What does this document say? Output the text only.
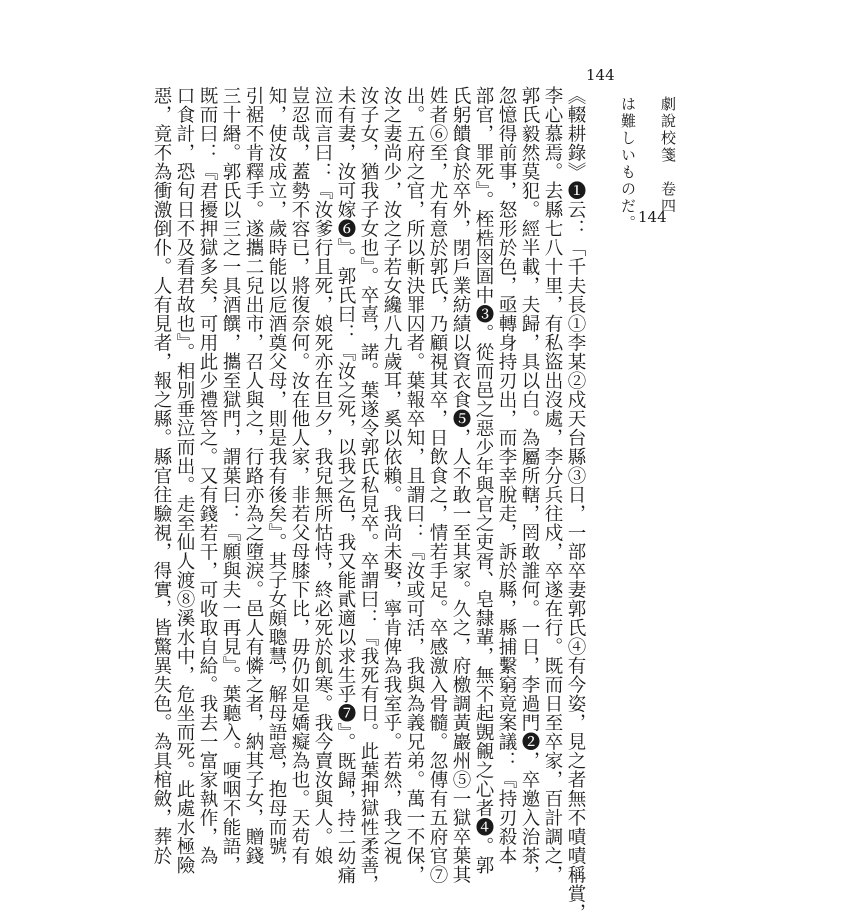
劇說校箋　卷四
144
は難しいものだ。
144
《輟耕錄》❶云：「千夫長①李某②戍天台縣③日，一部卒妻郭氏④有今姿，見之者無不嘖嘖稱賞，
李心慕焉。去縣七八十里，有私盜出沒處，李分兵往戍，卒遂在行。既而日至卒家，百計調之，
郭氏毅然莫犯。經半載，夫歸，具以白。為屬所轄，罔敢誰何。一日，李過門❷，卒邀入治茶，
忽憶得前事，怒形於色，亟轉身持刃出，而李幸脫走，訴於縣，縣捕繫窮竟案議：『持刃殺本
部官，罪死』。桎梏囹圄中❸。從而邑之惡少年與官之吏胥、皂隸輩，無不起覬覦之心者❹。郭
氏躬饋食於卒外，閉戶業紡績以資衣食❺，人不敢一至其家。久之，府檄調黃巖州⑤一獄卒葉其
姓者⑥至，尤有意於郭氏，乃顧視其卒，日飲食之，情若手足。卒感激入骨髓。忽傳有五府官⑦
出。五府之官，所以斬決罪囚者。葉報卒知，且謂曰：『汝或可活，我與為義兄弟。萬一不保，
汝之妻尚少，汝之子若女纔八九歲耳，奚以依賴。我尚未娶，寧肯俾為我室乎。若然，我之視
汝子女，猶我子女也』。卒喜，諾。葉遂令郭氏私見卒。卒謂曰：『我死有日。此葉押獄性柔善，
未有妻，汝可嫁❻』。郭氏曰：『汝之死，以我之色，我又能貳適以求生乎❼』。既歸，持二幼痛
泣而言曰：『汝爹行且死，娘死亦在旦夕，我兒無所怙恃，終必死於飢寒。我今賣汝與人。娘
豈忍哉，蓋勢不容已，將復奈何。汝在他人家，非若父母膝下比，毋仍如是嬌癡為也。天苟有
知，使汝成立，歲時能以卮酒奠父母，則是我有後矣』。其子女頗聰慧，解母語意，抱母而號，
引裾不肯釋手。遂攜二兒出市，召人與之，行路亦為之墮淚。邑人有憐之者，納其子女，贈錢
三十緡。郭氏以三之一具酒饌，攜至獄門，謂葉曰：『願與夫一再見』。葉聽入。哽咽不能語，
既而曰：『君擾押獄多矣，可用此少禮答之。又有錢若干，可收取自給。我去一富家執作，為
口食計，恐旬日不及看君故也』。相別垂泣而出。走至仙人渡⑧溪水中，危坐而死。此處水極險
惡，竟不為衝激倒仆。人有見者，報之縣。縣官往驗視，得實，皆驚異失色。為具棺斂，葬於
